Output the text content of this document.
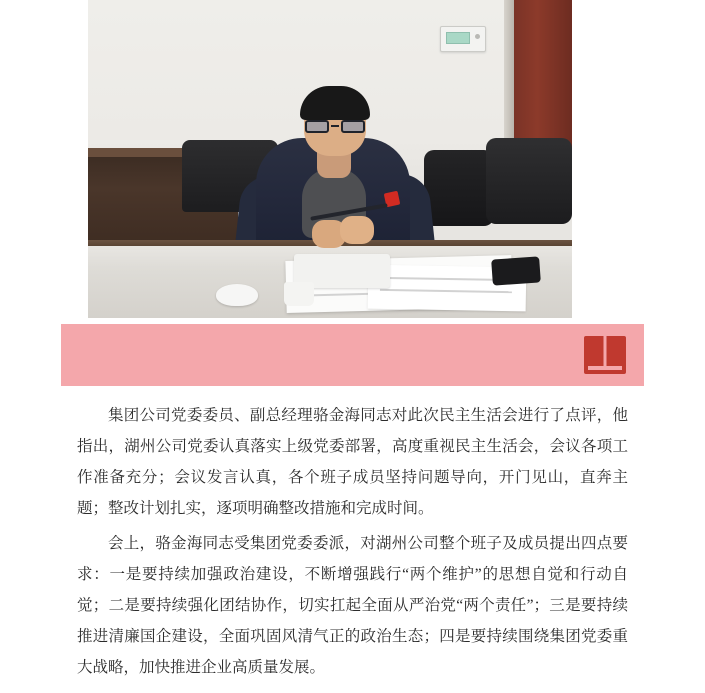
集团公司党委委员、副总经理骆金海同志对此次民主生活会进行了点评，他指出，湖州公司党委认真落实上级党委部署，高度重视民主生活会，会议各项工作准备充分；会议发言认真，各个班子成员坚持问题导向，开门见山，直奔主题；整改计划扎实，逐项明确整改措施和完成时间。

会上，骆金海同志受集团党委委派，对湖州公司整个班子及成员提出四点要求：一是要持续加强政治建设，不断增强践行“两个维护”的思想自觉和行动自觉；二是要持续强化团结协作，切实扛起全面从严治党“两个责任”；三是要持续推进清廉国企建设，全面巩固风清气正的政治生态；四是要持续围绕集团党委重大战略，加快推进企业高质量发展。
